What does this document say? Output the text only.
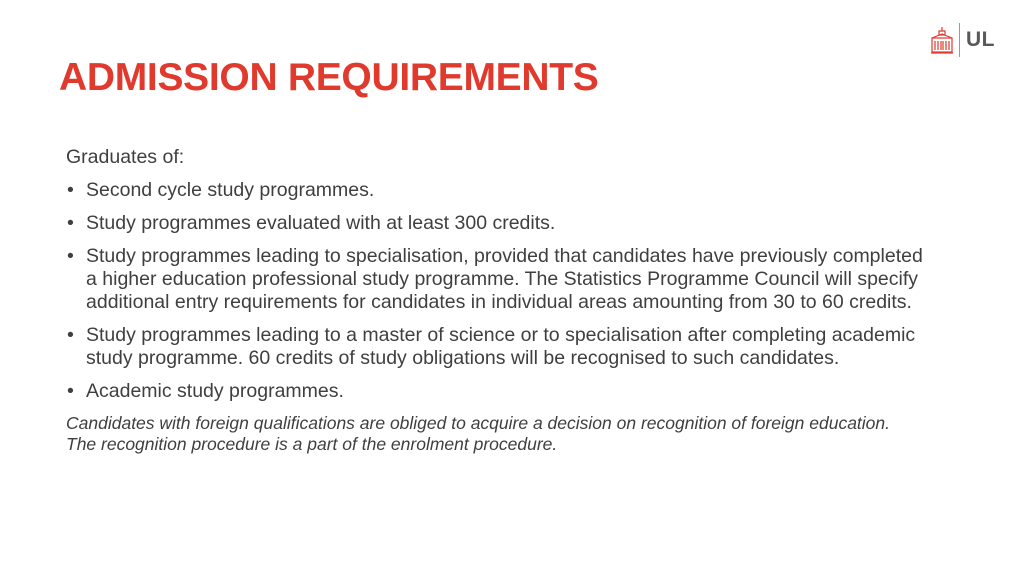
UL
ADMISSION REQUIREMENTS

Graduates of:

• Second cycle study programmes.
• Study programmes evaluated with at least 300 credits.
• Study programmes leading to specialisation, provided that candidates have previously completed a higher education professional study programme. The Statistics Programme Council will specify additional entry requirements for candidates in individual areas amounting from 30 to 60 credits.
• Study programmes leading to a master of science or to specialisation after completing academic study programme. 60 credits of study obligations will be recognised to such candidates.
• Academic study programmes.

Candidates with foreign qualifications are obliged to acquire a decision on recognition of foreign education. The recognition procedure is a part of the enrolment procedure.
